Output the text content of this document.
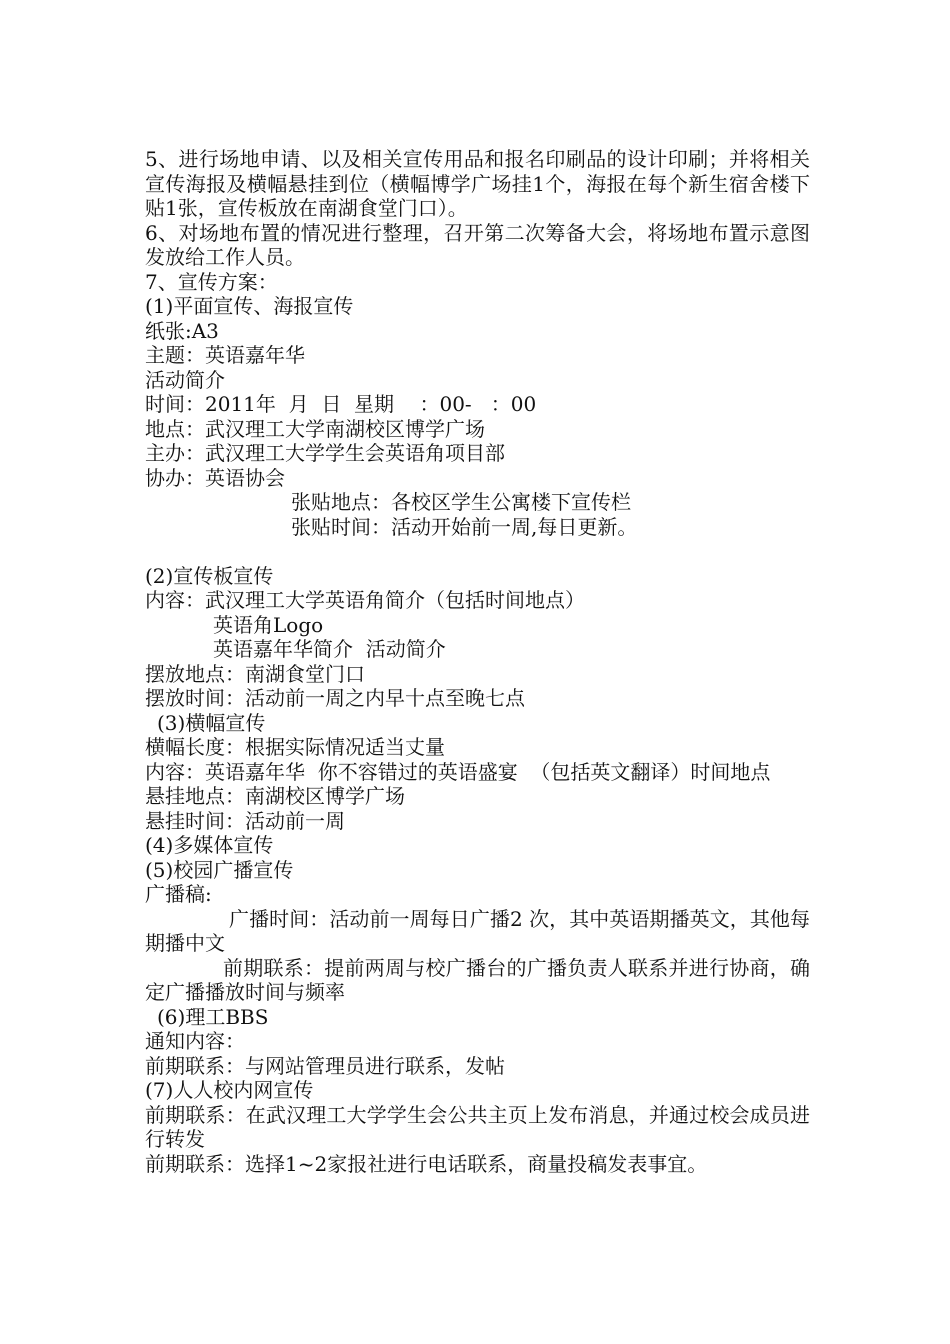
5、进行场地申请、以及相关宣传用品和报名印刷品的设计印刷；并将相关宣传海报及横幅悬挂到位（横幅博学广场挂1个，海报在每个新生宿舍楼下贴1张，宣传板放在南湖食堂门口）。

6、对场地布置的情况进行整理，召开第二次筹备大会，将场地布置示意图发放给工作人员。

7、宣传方案：

(1)平面宣传、海报宣传

纸张:A3

主题：英语嘉年华

活动简介

时间：2011年  月  日  星期    ：00-   ：00

地点：武汉理工大学南湖校区博学广场

主办：武汉理工大学学生会英语角项目部

协办：英语协会

张贴地点：各校区学生公寓楼下宣传栏

张贴时间：活动开始前一周,每日更新。

(2)宣传板宣传

内容：武汉理工大学英语角简介（包括时间地点）

英语角Logo

英语嘉年华简介  活动简介

摆放地点：南湖食堂门口

摆放时间：活动前一周之内早十点至晚七点

(3)横幅宣传

横幅长度：根据实际情况适当丈量

内容：英语嘉年华  你不容错过的英语盛宴  （包括英文翻译）时间地点

悬挂地点：南湖校区博学广场

悬挂时间：活动前一周

(4)多媒体宣传

(5)校园广播宣传

广播稿:

广播时间：活动前一周每日广播2 次，其中英语期播英文，其他每期播中文

前期联系：提前两周与校广播台的广播负责人联系并进行协商，确定广播播放时间与频率

(6)理工BBS

通知内容：

前期联系：与网站管理员进行联系，发帖

(7)人人校内网宣传

前期联系：在武汉理工大学学生会公共主页上发布消息，并通过校会成员进行转发

前期联系：选择1~2家报社进行电话联系，商量投稿发表事宜。
